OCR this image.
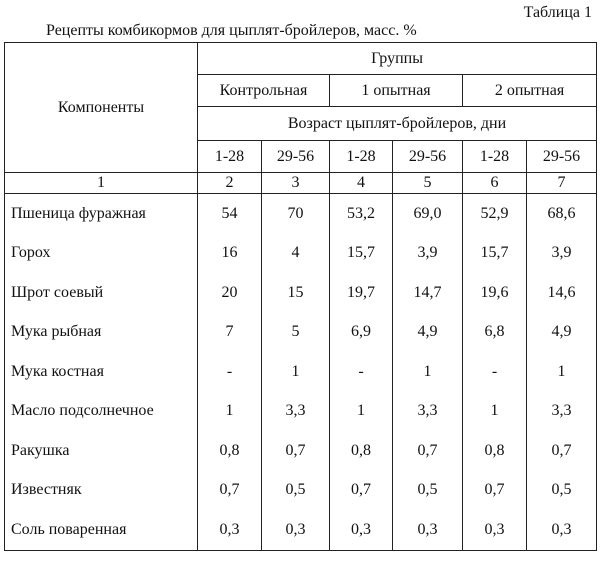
Таблица 1
Рецепты комбикормов для цыплят-бройлеров, масс. %
Компоненты	Группы					
	Контрольная		1 опытная		2 опытная	
	Возраст цыплят-бройлеров, дни					
	1-28	29-56	1-28	29-56	1-28	29-56
1	2	3	4	5	6	7
Пшеница фуражная	54	70	53,2	69,0	52,9	68,6
Горох	16	4	15,7	3,9	15,7	3,9
Шрот соевый	20	15	19,7	14,7	19,6	14,6
Мука рыбная	7	5	6,9	4,9	6,8	4,9
Мука костная	-	1	-	1	-	1
Масло подсолнечное	1	3,3	1	3,3	1	3,3
Ракушка	0,8	0,7	0,8	0,7	0,8	0,7
Известняк	0,7	0,5	0,7	0,5	0,7	0,5
Соль поваренная	0,3	0,3	0,3	0,3	0,3	0,3
